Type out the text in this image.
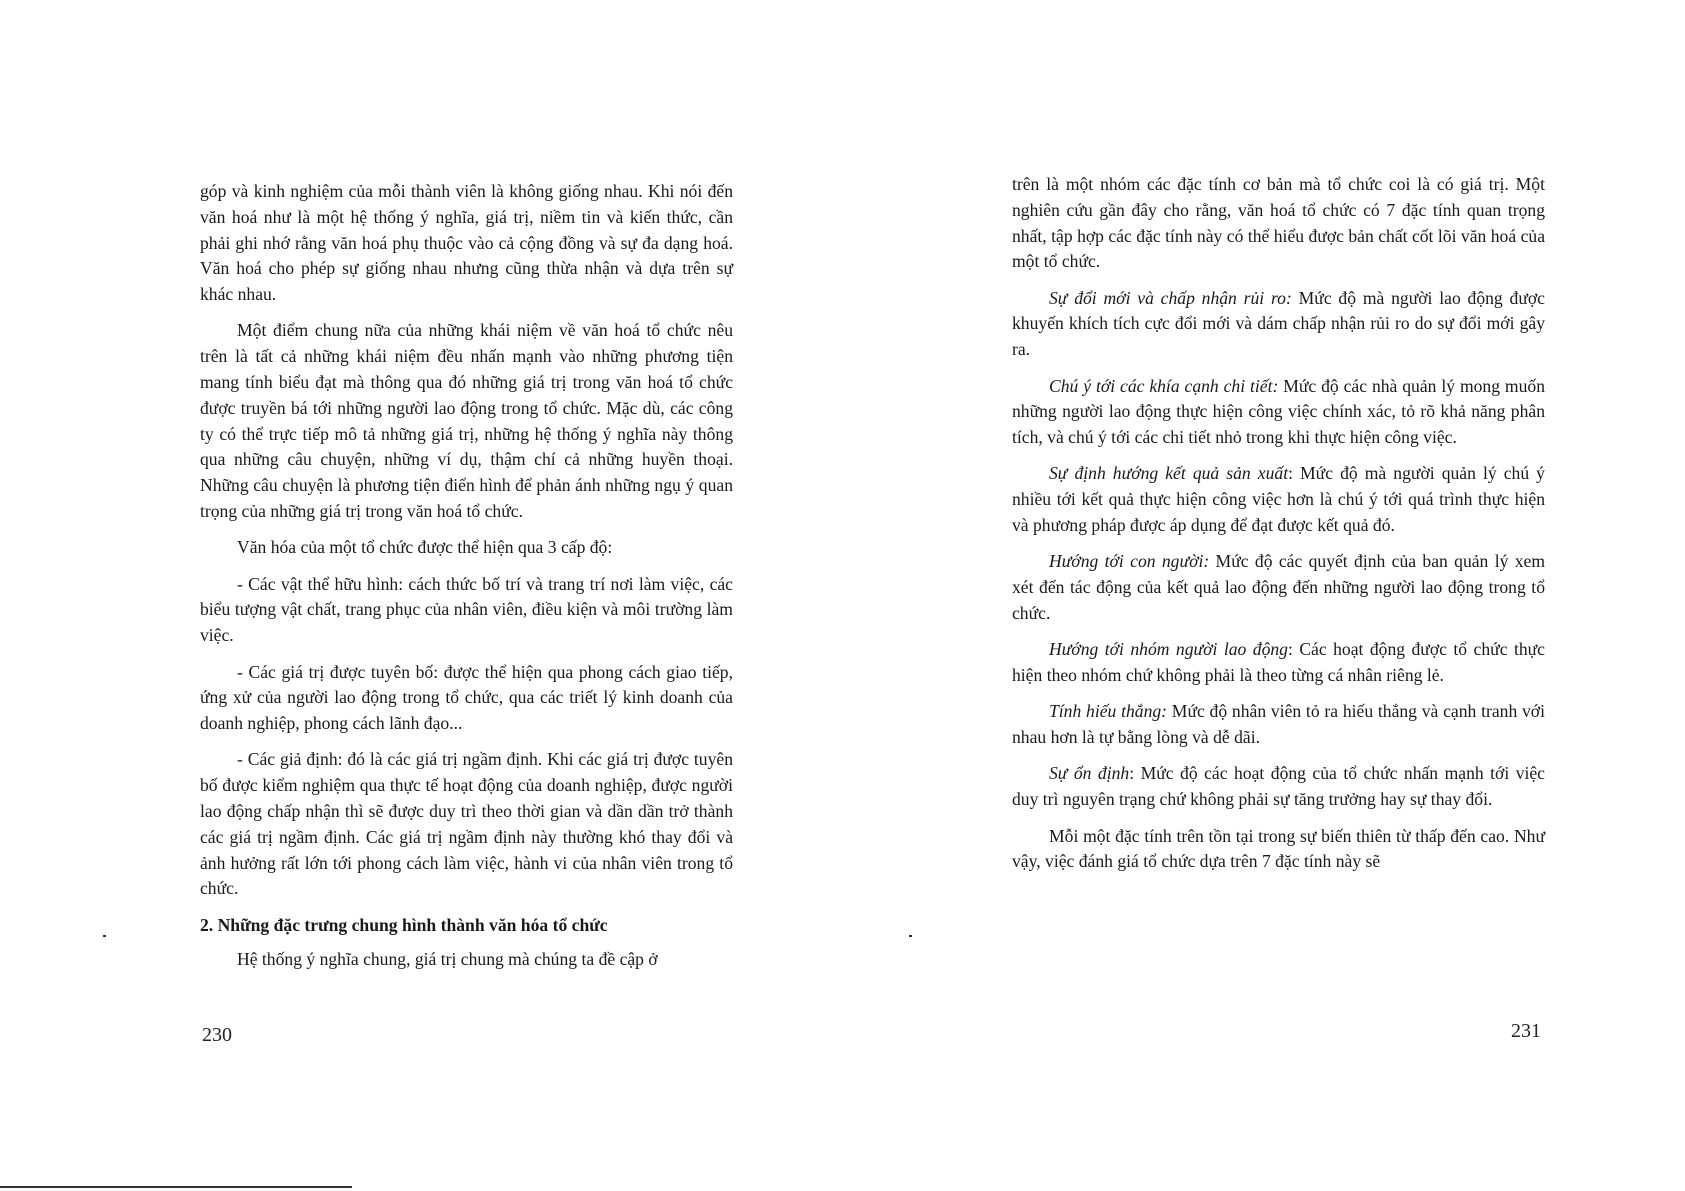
góp và kinh nghiệm của mỗi thành viên là không giống nhau. Khi nói đến văn hoá như là một hệ thống ý nghĩa, giá trị, niềm tin và kiến thức, cần phải ghi nhớ rằng văn hoá phụ thuộc vào cả cộng đồng và sự đa dạng hoá. Văn hoá cho phép sự giống nhau nhưng cũng thừa nhận và dựa trên sự khác nhau.

Một điểm chung nữa của những khái niệm về văn hoá tổ chức nêu trên là tất cả những khái niệm đều nhấn mạnh vào những phương tiện mang tính biểu đạt mà thông qua đó những giá trị trong văn hoá tổ chức được truyền bá tới những người lao động trong tổ chức. Mặc dù, các công ty có thể trực tiếp mô tả những giá trị, những hệ thống ý nghĩa này thông qua những câu chuyện, những ví dụ, thậm chí cả những huyền thoại. Những câu chuyện là phương tiện điển hình để phản ánh những ngụ ý quan trọng của những giá trị trong văn hoá tổ chức.

Văn hóa của một tổ chức được thể hiện qua 3 cấp độ:

- Các vật thể hữu hình: cách thức bố trí và trang trí nơi làm việc, các biểu tượng vật chất, trang phục của nhân viên, điều kiện và môi trường làm việc.

- Các giá trị được tuyên bố: được thể hiện qua phong cách giao tiếp, ứng xử của người lao động trong tổ chức, qua các triết lý kinh doanh của doanh nghiệp, phong cách lãnh đạo...

- Các giả định: đó là các giá trị ngầm định. Khi các giá trị được tuyên bố được kiểm nghiệm qua thực tế hoạt động của doanh nghiệp, được người lao động chấp nhận thì sẽ được duy trì theo thời gian và dần dần trở thành các giá trị ngầm định. Các giá trị ngầm định này thường khó thay đổi và ảnh hưởng rất lớn tới phong cách làm việc, hành vi của nhân viên trong tổ chức.

2. Những đặc trưng chung hình thành văn hóa tổ chức

Hệ thống ý nghĩa chung, giá trị chung mà chúng ta đề cập ở

230

trên là một nhóm các đặc tính cơ bản mà tổ chức coi là có giá trị. Một nghiên cứu gần đây cho rằng, văn hoá tổ chức có 7 đặc tính quan trọng nhất, tập hợp các đặc tính này có thể hiểu được bản chất cốt lõi văn hoá của một tổ chức.

Sự đổi mới và chấp nhận rủi ro: Mức độ mà người lao động được khuyến khích tích cực đổi mới và dám chấp nhận rủi ro do sự đổi mới gây ra.

Chú ý tới các khía cạnh chi tiết: Mức độ các nhà quản lý mong muốn những người lao động thực hiện công việc chính xác, tỏ rõ khả năng phân tích, và chú ý tới các chi tiết nhỏ trong khi thực hiện công việc.

Sự định hướng kết quả sản xuất: Mức độ mà người quản lý chú ý nhiều tới kết quả thực hiện công việc hơn là chú ý tới quá trình thực hiện và phương pháp được áp dụng để đạt được kết quả đó.

Hướng tới con người: Mức độ các quyết định của ban quản lý xem xét đến tác động của kết quả lao động đến những người lao động trong tổ chức.

Hướng tới nhóm người lao động: Các hoạt động được tổ chức thực hiện theo nhóm chứ không phải là theo từng cá nhân riêng lẻ.

Tính hiếu thắng: Mức độ nhân viên tỏ ra hiếu thắng và cạnh tranh với nhau hơn là tự bằng lòng và dễ dãi.

Sự ổn định: Mức độ các hoạt động của tổ chức nhấn mạnh tới việc duy trì nguyên trạng chứ không phải sự tăng trưởng hay sự thay đổi.

Mỗi một đặc tính trên tồn tại trong sự biến thiên từ thấp đến cao. Như vậy, việc đánh giá tổ chức dựa trên 7 đặc tính này sẽ

231
